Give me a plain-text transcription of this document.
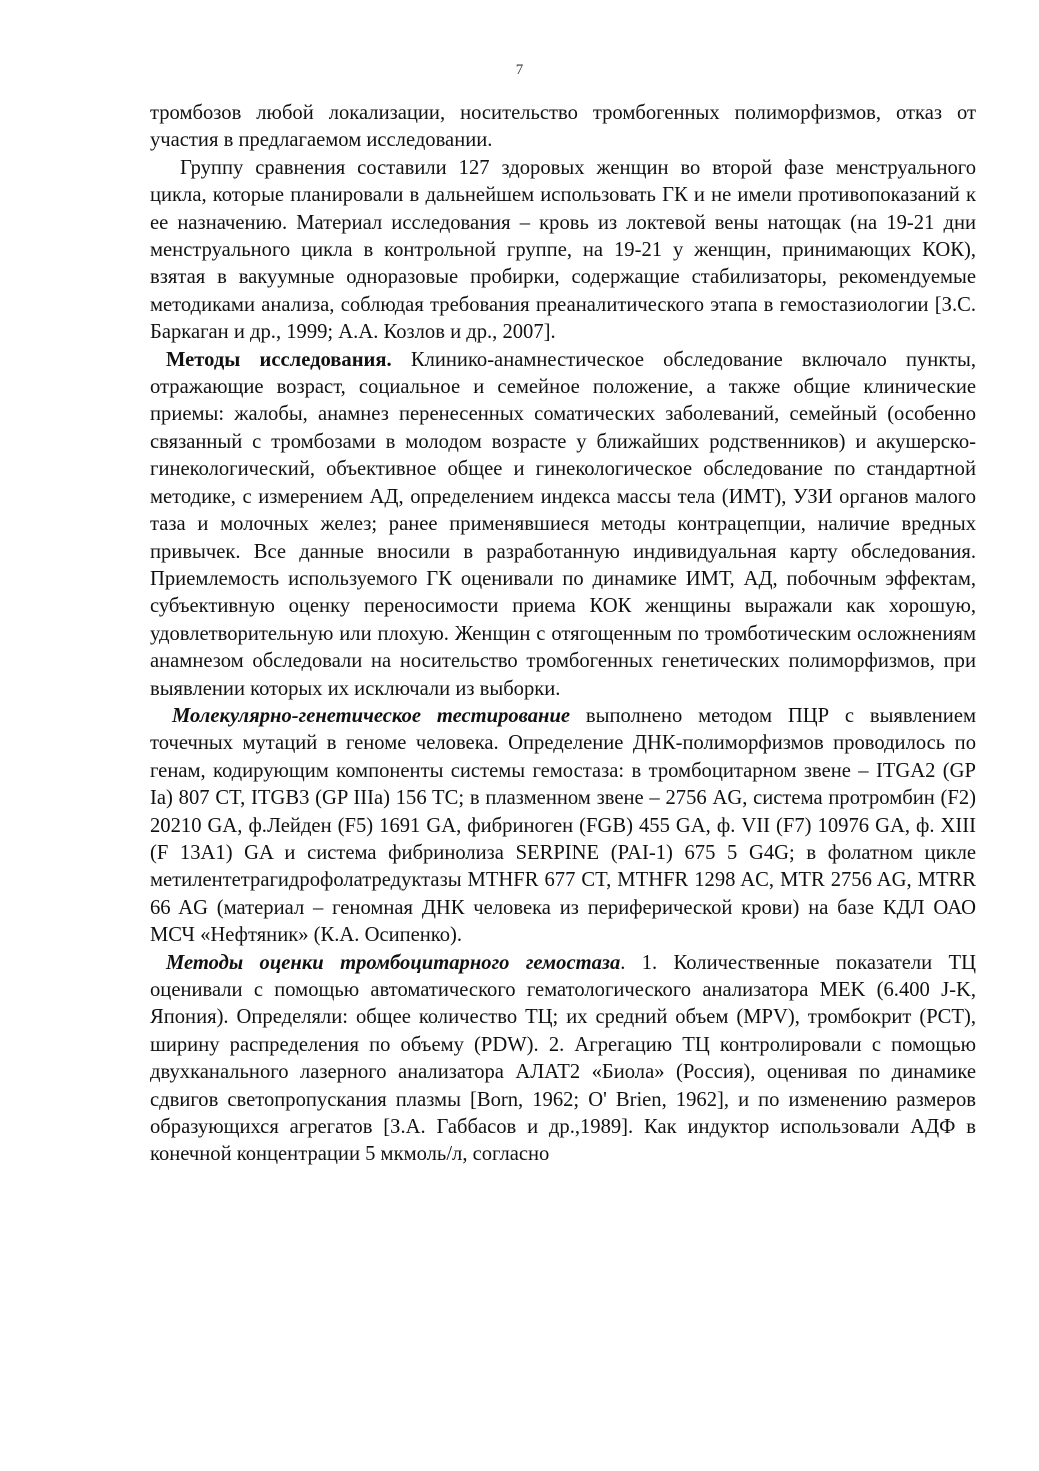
7

тромбозов любой локализации, носительство тромбогенных полиморфизмов, отказ от участия в предлагаемом исследовании.

Группу сравнения составили 127 здоровых женщин во второй фазе менструального цикла, которые планировали в дальнейшем использовать ГК и не имели противопоказаний к ее назначению. Материал исследования – кровь из локтевой вены натощак (на 19-21 дни менструального цикла в контрольной группе, на 19-21 у женщин, принимающих КОК), взятая в вакуумные одноразовые пробирки, содержащие стабилизаторы, рекомендуемые методиками анализа, соблюдая требования преаналитического этапа в гемостазиологии [З.С. Баркаган и др., 1999; А.А. Козлов и др., 2007].

Методы исследования. Клинико-анамнестическое обследование включало пункты, отражающие возраст, социальное и семейное положение, а также общие клинические приемы: жалобы, анамнез перенесенных соматических заболеваний, семейный (особенно связанный с тромбозами в молодом возрасте у ближайших родственников) и акушерско-гинекологический, объективное общее и гинекологическое обследование по стандартной методике, с измерением АД, определением индекса массы тела (ИМТ), УЗИ органов малого таза и молочных желез; ранее применявшиеся методы контрацепции, наличие вредных привычек. Все данные вносили в разработанную индивидуальная карту обследования. Приемлемость используемого ГК оценивали по динамике ИМТ, АД, побочным эффектам, субъективную оценку переносимости приема КОК женщины выражали как хорошую, удовлетворительную или плохую. Женщин с отягощенным по тромботическим осложнениям анамнезом обследовали на носительство тромбогенных генетических полиморфизмов, при выявлении которых их исключали из выборки.

Молекулярно-генетическое тестирование выполнено методом ПЦР с выявлением точечных мутаций в геноме человека. Определение ДНК-полиморфизмов проводилось по генам, кодирующим компоненты системы гемостаза: в тромбоцитарном звене – ITGA2 (GP Ia) 807 CT, ITGB3 (GP IIIa) 156 TC; в плазменном звене – 2756 AG, система протромбин (F2) 20210 GA, ф.Лейден (F5) 1691 GA, фибриноген (FGB) 455 GA, ф. VII (F7) 10976 GA, ф. XIII (F 13A1) GA и система фибринолиза SERPINE (PAI-1) 675 5 G4G; в фолатном цикле метилентетрагидрофолатредуктазы MTHFR 677 CT, MTHFR 1298 AC, MTR 2756 AG, MTRR 66 AG (материал – геномная ДНК человека из периферической крови) на базе КДЛ ОАО МСЧ «Нефтяник» (К.А. Осипенко).

Методы оценки тромбоцитарного гемостаза. 1. Количественные показатели ТЦ оценивали с помощью автоматического гематологического анализатора MEK (6.400 J-K, Япония). Определяли: общее количество ТЦ; их средний объем (MPV), тромбокрит (PCT), ширину распределения по объему (PDW). 2. Агрегацию ТЦ контролировали с помощью двухканального лазерного анализатора АЛАТ2 «Биола» (Россия), оценивая по динамике сдвигов светопропускания плазмы [Born, 1962; O' Brien, 1962], и по изменению размеров образующихся агрегатов [З.А. Габбасов и др.,1989]. Как индуктор использовали АДФ в конечной концентрации 5 мкмоль/л, согласно
